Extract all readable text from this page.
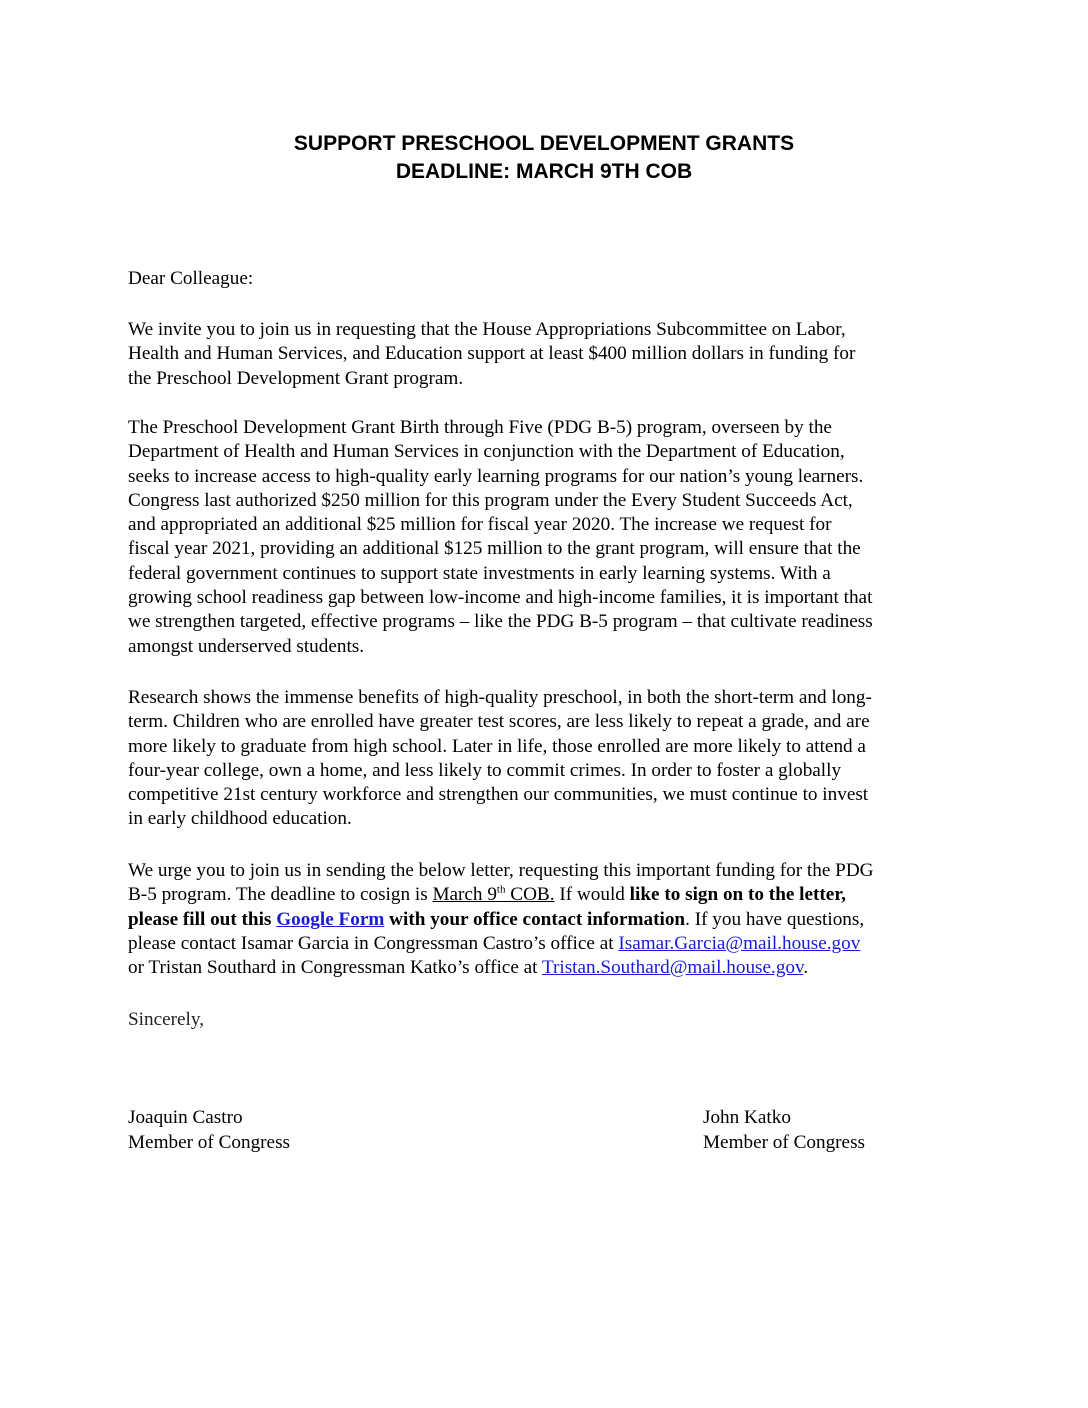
SUPPORT PRESCHOOL DEVELOPMENT GRANTS
DEADLINE: MARCH 9TH COB

Dear Colleague:

We invite you to join us in requesting that the House Appropriations Subcommittee on Labor,
Health and Human Services, and Education support at least $400 million dollars in funding for
the Preschool Development Grant program.

The Preschool Development Grant Birth through Five (PDG B-5) program, overseen by the
Department of Health and Human Services in conjunction with the Department of Education,
seeks to increase access to high-quality early learning programs for our nation’s young learners.
Congress last authorized $250 million for this program under the Every Student Succeeds Act,
and appropriated an additional $25 million for fiscal year 2020. The increase we request for
fiscal year 2021, providing an additional $125 million to the grant program, will ensure that the
federal government continues to support state investments in early learning systems. With a
growing school readiness gap between low-income and high-income families, it is important that
we strengthen targeted, effective programs – like the PDG B-5 program – that cultivate readiness
amongst underserved students.

Research shows the immense benefits of high-quality preschool, in both the short-term and long-
term. Children who are enrolled have greater test scores, are less likely to repeat a grade, and are
more likely to graduate from high school. Later in life, those enrolled are more likely to attend a
four-year college, own a home, and less likely to commit crimes. In order to foster a globally
competitive 21st century workforce and strengthen our communities, we must continue to invest
in early childhood education.

We urge you to join us in sending the below letter, requesting this important funding for the PDG
B-5 program. The deadline to cosign is March 9th COB. If would like to sign on to the letter,
please fill out this Google Form with your office contact information. If you have questions,
please contact Isamar Garcia in Congressman Castro’s office at Isamar.Garcia@mail.house.gov
or Tristan Southard in Congressman Katko’s office at Tristan.Southard@mail.house.gov.

Sincerely,

Joaquin Castro
Member of Congress
John Katko
Member of Congress
